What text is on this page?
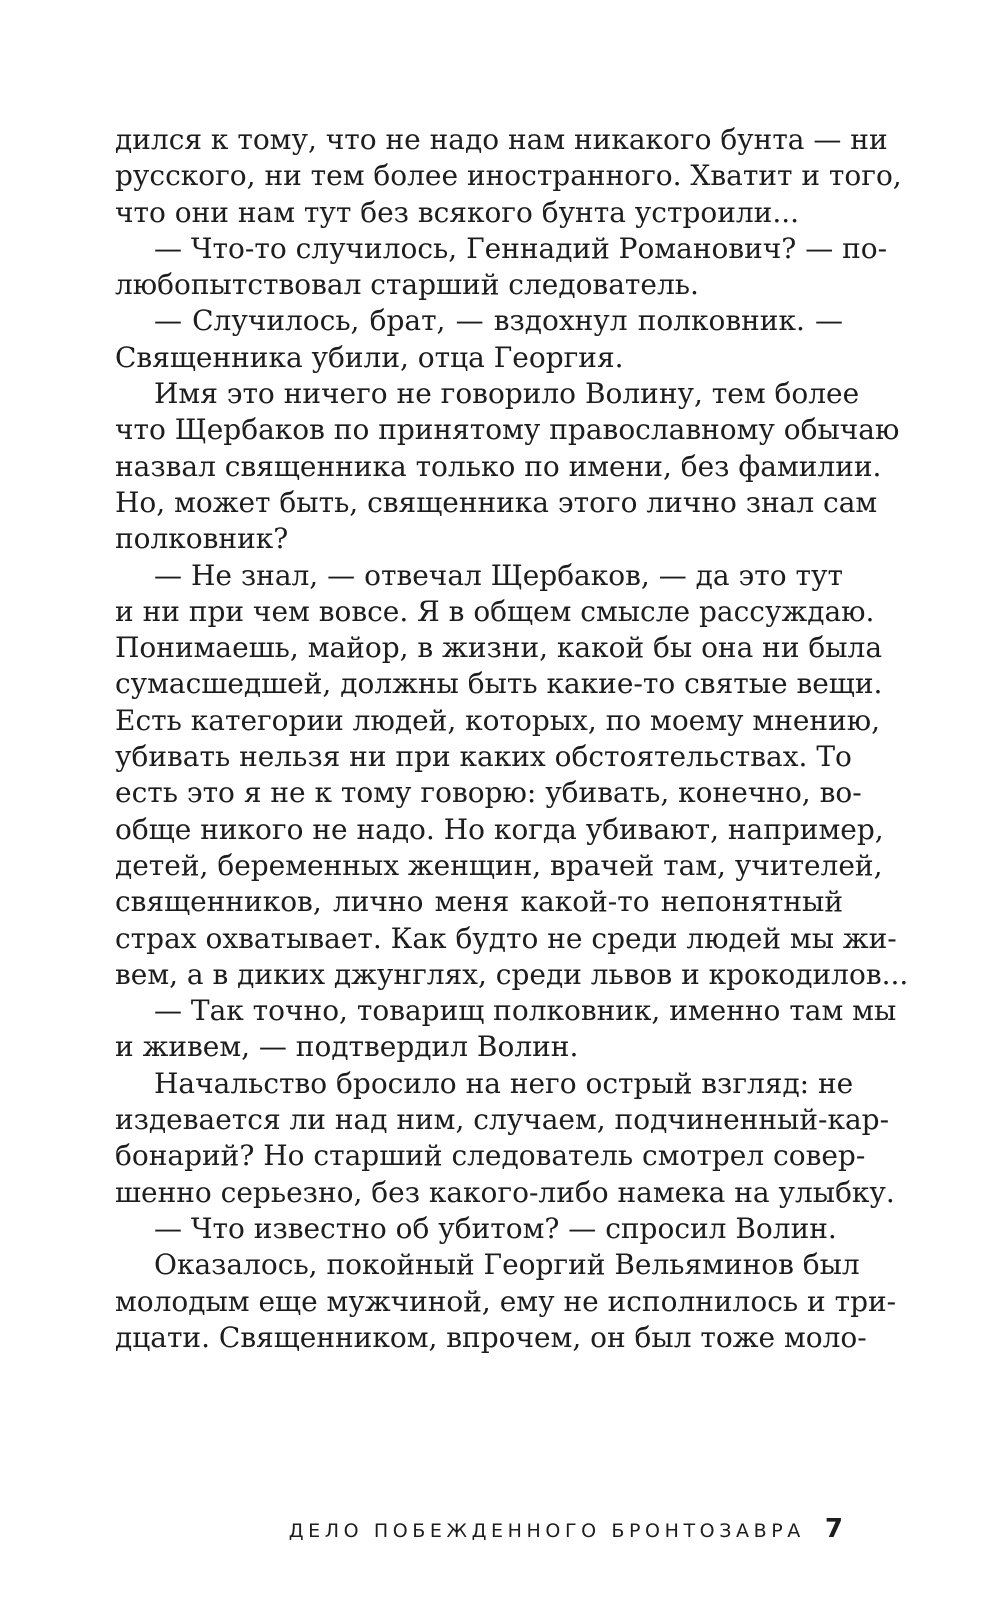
дился к тому, что не надо нам никакого бунта — ни
русского, ни тем более иностранного. Хватит и того,
что они нам тут без всякого бунта устроили...

— Что-то случилось, Геннадий Романович? — по-
любопытствовал старший следователь.

— Случилось, брат, — вздохнул полковник. —
Священника убили, отца Георгия.

Имя это ничего не говорило Волину, тем более
что Щербаков по принятому православному обычаю
назвал священника только по имени, без фамилии.
Но, может быть, священника этого лично знал сам
полковник?

— Не знал, — отвечал Щербаков, — да это тут
и ни при чем вовсе. Я в общем смысле рассуждаю.
Понимаешь, майор, в жизни, какой бы она ни была
сумасшедшей, должны быть какие-то святые вещи.
Есть категории людей, которых, по моему мнению,
убивать нельзя ни при каких обстоятельствах. То
есть это я не к тому говорю: убивать, конечно, во-
обще никого не надо. Но когда убивают, например,
детей, беременных женщин, врачей там, учителей,
священников, лично меня какой-то непонятный
страх охватывает. Как будто не среди людей мы жи-
вем, а в диких джунглях, среди львов и крокодилов...

— Так точно, товарищ полковник, именно там мы
и живем, — подтвердил Волин.

Начальство бросило на него острый взгляд: не
издевается ли над ним, случаем, подчиненный-кар-
бонарий? Но старший следователь смотрел совер-
шенно серьезно, без какого-либо намека на улыбку.

— Что известно об убитом? — спросил Волин.

Оказалось, покойный Георгий Вельяминов был
молодым еще мужчиной, ему не исполнилось и три-
дцати. Священником, впрочем, он был тоже моло-

ДЕЛО ПОБЕЖДЕННОГО БРОНТОЗАВРА 7
